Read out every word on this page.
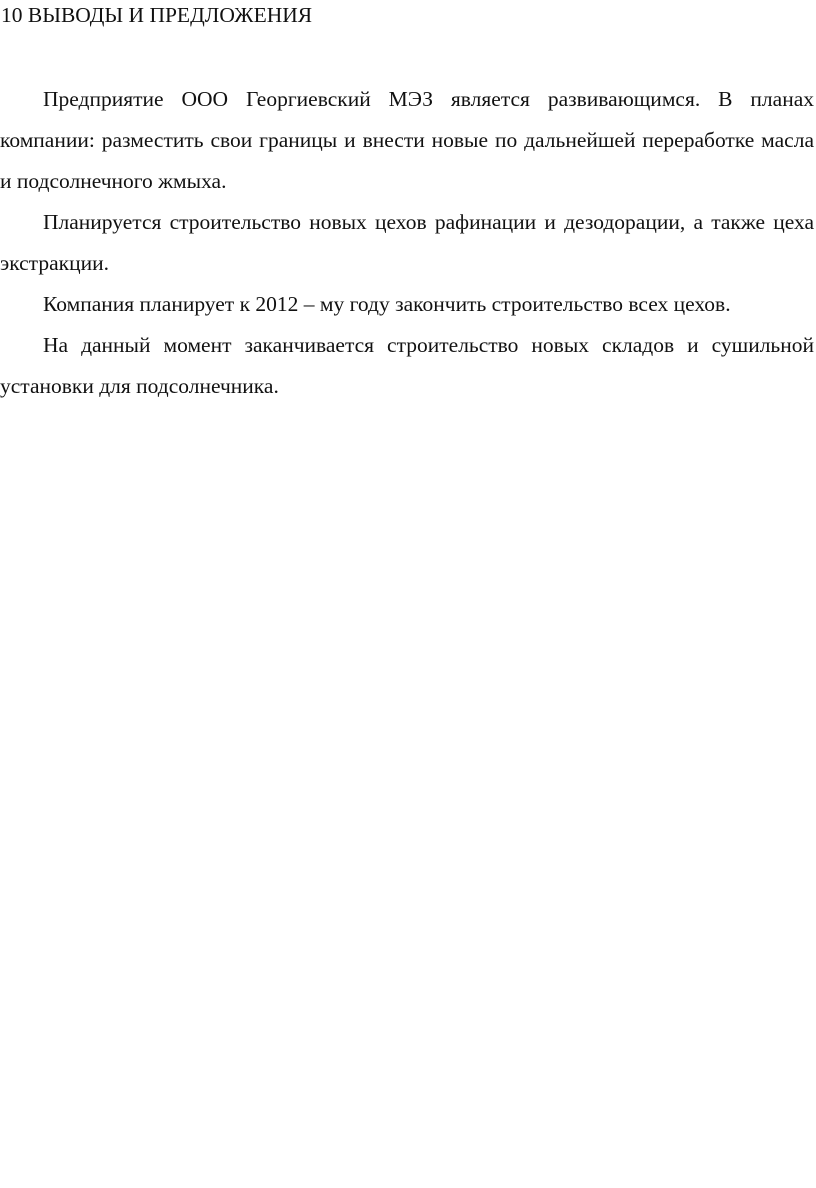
10 ВЫВОДЫ И ПРЕДЛОЖЕНИЯ

Предприятие ООО Георгиевский МЭЗ является развивающимся. В планах компании: разместить свои границы и внести новые по дальнейшей переработке масла и подсолнечного жмыха.

Планируется строительство новых цехов рафинации и дезодорации, а также цеха экстракции.

Компания планирует к 2012 – му году закончить строительство всех цехов.

На данный момент заканчивается строительство новых складов и сушильной установки для подсолнечника.
